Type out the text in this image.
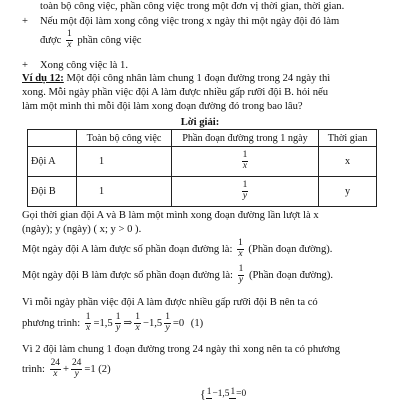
toàn bộ công việc, phần công việc trong một đơn vị thời gian, thời gian.
+ Nếu một đội làm xong công việc trong x ngày thì một ngày đội đó làm
được $\frac{1}{x}$ phần công việc
+ Xong công việc là 1.
Ví dụ 12: Một đội công nhân làm chung 1 đoạn đường trong 24 ngày thì
xong. Mỗi ngày phần việc đội A làm được nhiều gấp rưỡi đội B. hỏi nếu
làm một mình thì mỗi đội làm xong đoạn đường đó trong bao lâu?
Lời giải:
	Toàn bộ công việc	Phần đoạn đường trong 1 ngày	Thời gian
Đội A	1	$\frac{1}{x}$	x
Đội B	1	$\frac{1}{y}$	y
Gọi thời gian đội A và B làm một mình xong đoạn đường lần lượt là x
(ngày); y (ngày) ( x; y > 0 ).
Một ngày đội A làm được số phần đoạn đường là: $\frac{1}{x}$ (Phần đoạn đường).
Một ngày đội B làm được số phần đoạn đường là: $\frac{1}{y}$ (Phần đoạn đường).
Vì mỗi ngày phần việc đội A làm được nhiều gấp rưỡi đội B nên ta có
phương trình: $\frac{1}{x} =1,5 \frac{1}{y}$ ⇒ $\frac{1}{x} -1,5 \frac{1}{y} =0$ (1)
Vì 2 đội làm chung 1 đoạn đường trong 24 ngày thì xong nên ta có phương
trình: $\frac{24}{x} + \frac{24}{y} =1$ (2)
{ 1 −1,5 1 =0
